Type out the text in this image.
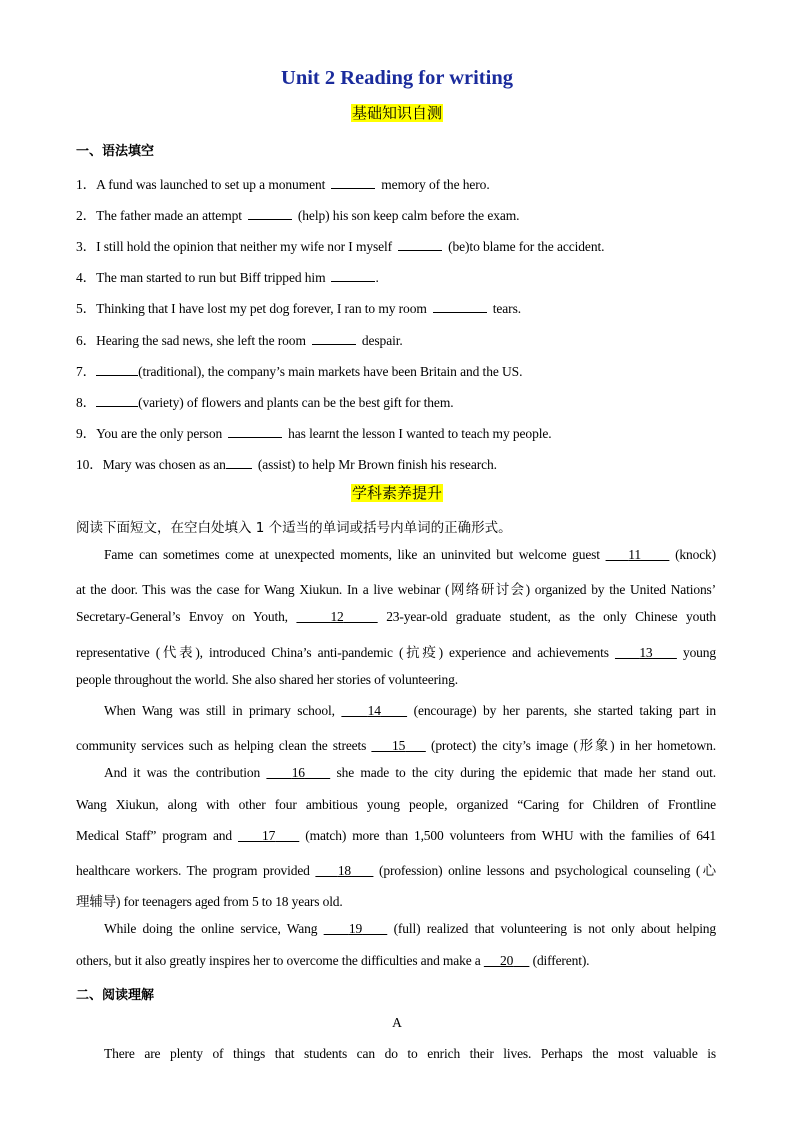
Unit 2 Reading for writing
基础知识自测
一、语法填空
1．A fund was launched to set up a monument	memory of the hero.
2．The father made an attempt	(help) his son keep calm before the exam.
3．I still hold the opinion that neither my wife nor I myself	(be)to blame for the accident.
4．The man started to run but Biff tripped him	.
5．Thinking that I have lost my pet dog forever, I ran to my room	tears.
6．Hearing the sad news, she left the room	despair.
7．	(traditional), the company’s main markets have been Britain and the US.
8．	(variety) of flowers and plants can be the best gift for them.
9．You are the only person	has learnt the lesson I wanted to teach my people.
10．Mary was chosen as an (assist) to help Mr Brown finish his research.
学科素养提升
阅读下面短文，在空白处填入 1 个适当的单词或括号内单词的正确形式。
Fame can sometimes come at unexpected moments, like an uninvited but welcome guest 11	(knock)
at the door. This was the case for Wang Xiukun. In a live webinar (网络研讨会) organized by the United Nations’
Secretary-General’s Envoy on Youth,	12	23-year-old graduate student, as the only Chinese youth
representative (代表), introduced China’s anti-pandemic (抗疫) experience and achievements 13 young
people throughout the world. She also shared her stories of volunteering.
When Wang was still in primary school, 14 (encourage) by her parents, she started taking part in
community services such as helping clean the streets 15 (protect) the city’s image (形象) in her hometown.
And it was the contribution 16 she made to the city during the epidemic that made her stand out.
Wang Xiukun, along with other four ambitious young people, organized “Caring for Children of Frontline
Medical Staff” program and 17 (match) more than 1,500 volunteers from WHU with the families of 641
healthcare workers. The program provided 18 (profession) online lessons and psychological counseling (心
理辅导) for teenagers aged from 5 to 18 years old.
While doing the online service, Wang 19 (full) realized that volunteering is not only about helping
others, but it also greatly inspires her to overcome the difficulties and make a 20 (different).
二、阅读理解
A
There are plenty of things that students can do to enrich their lives. Perhaps the most valuable is
